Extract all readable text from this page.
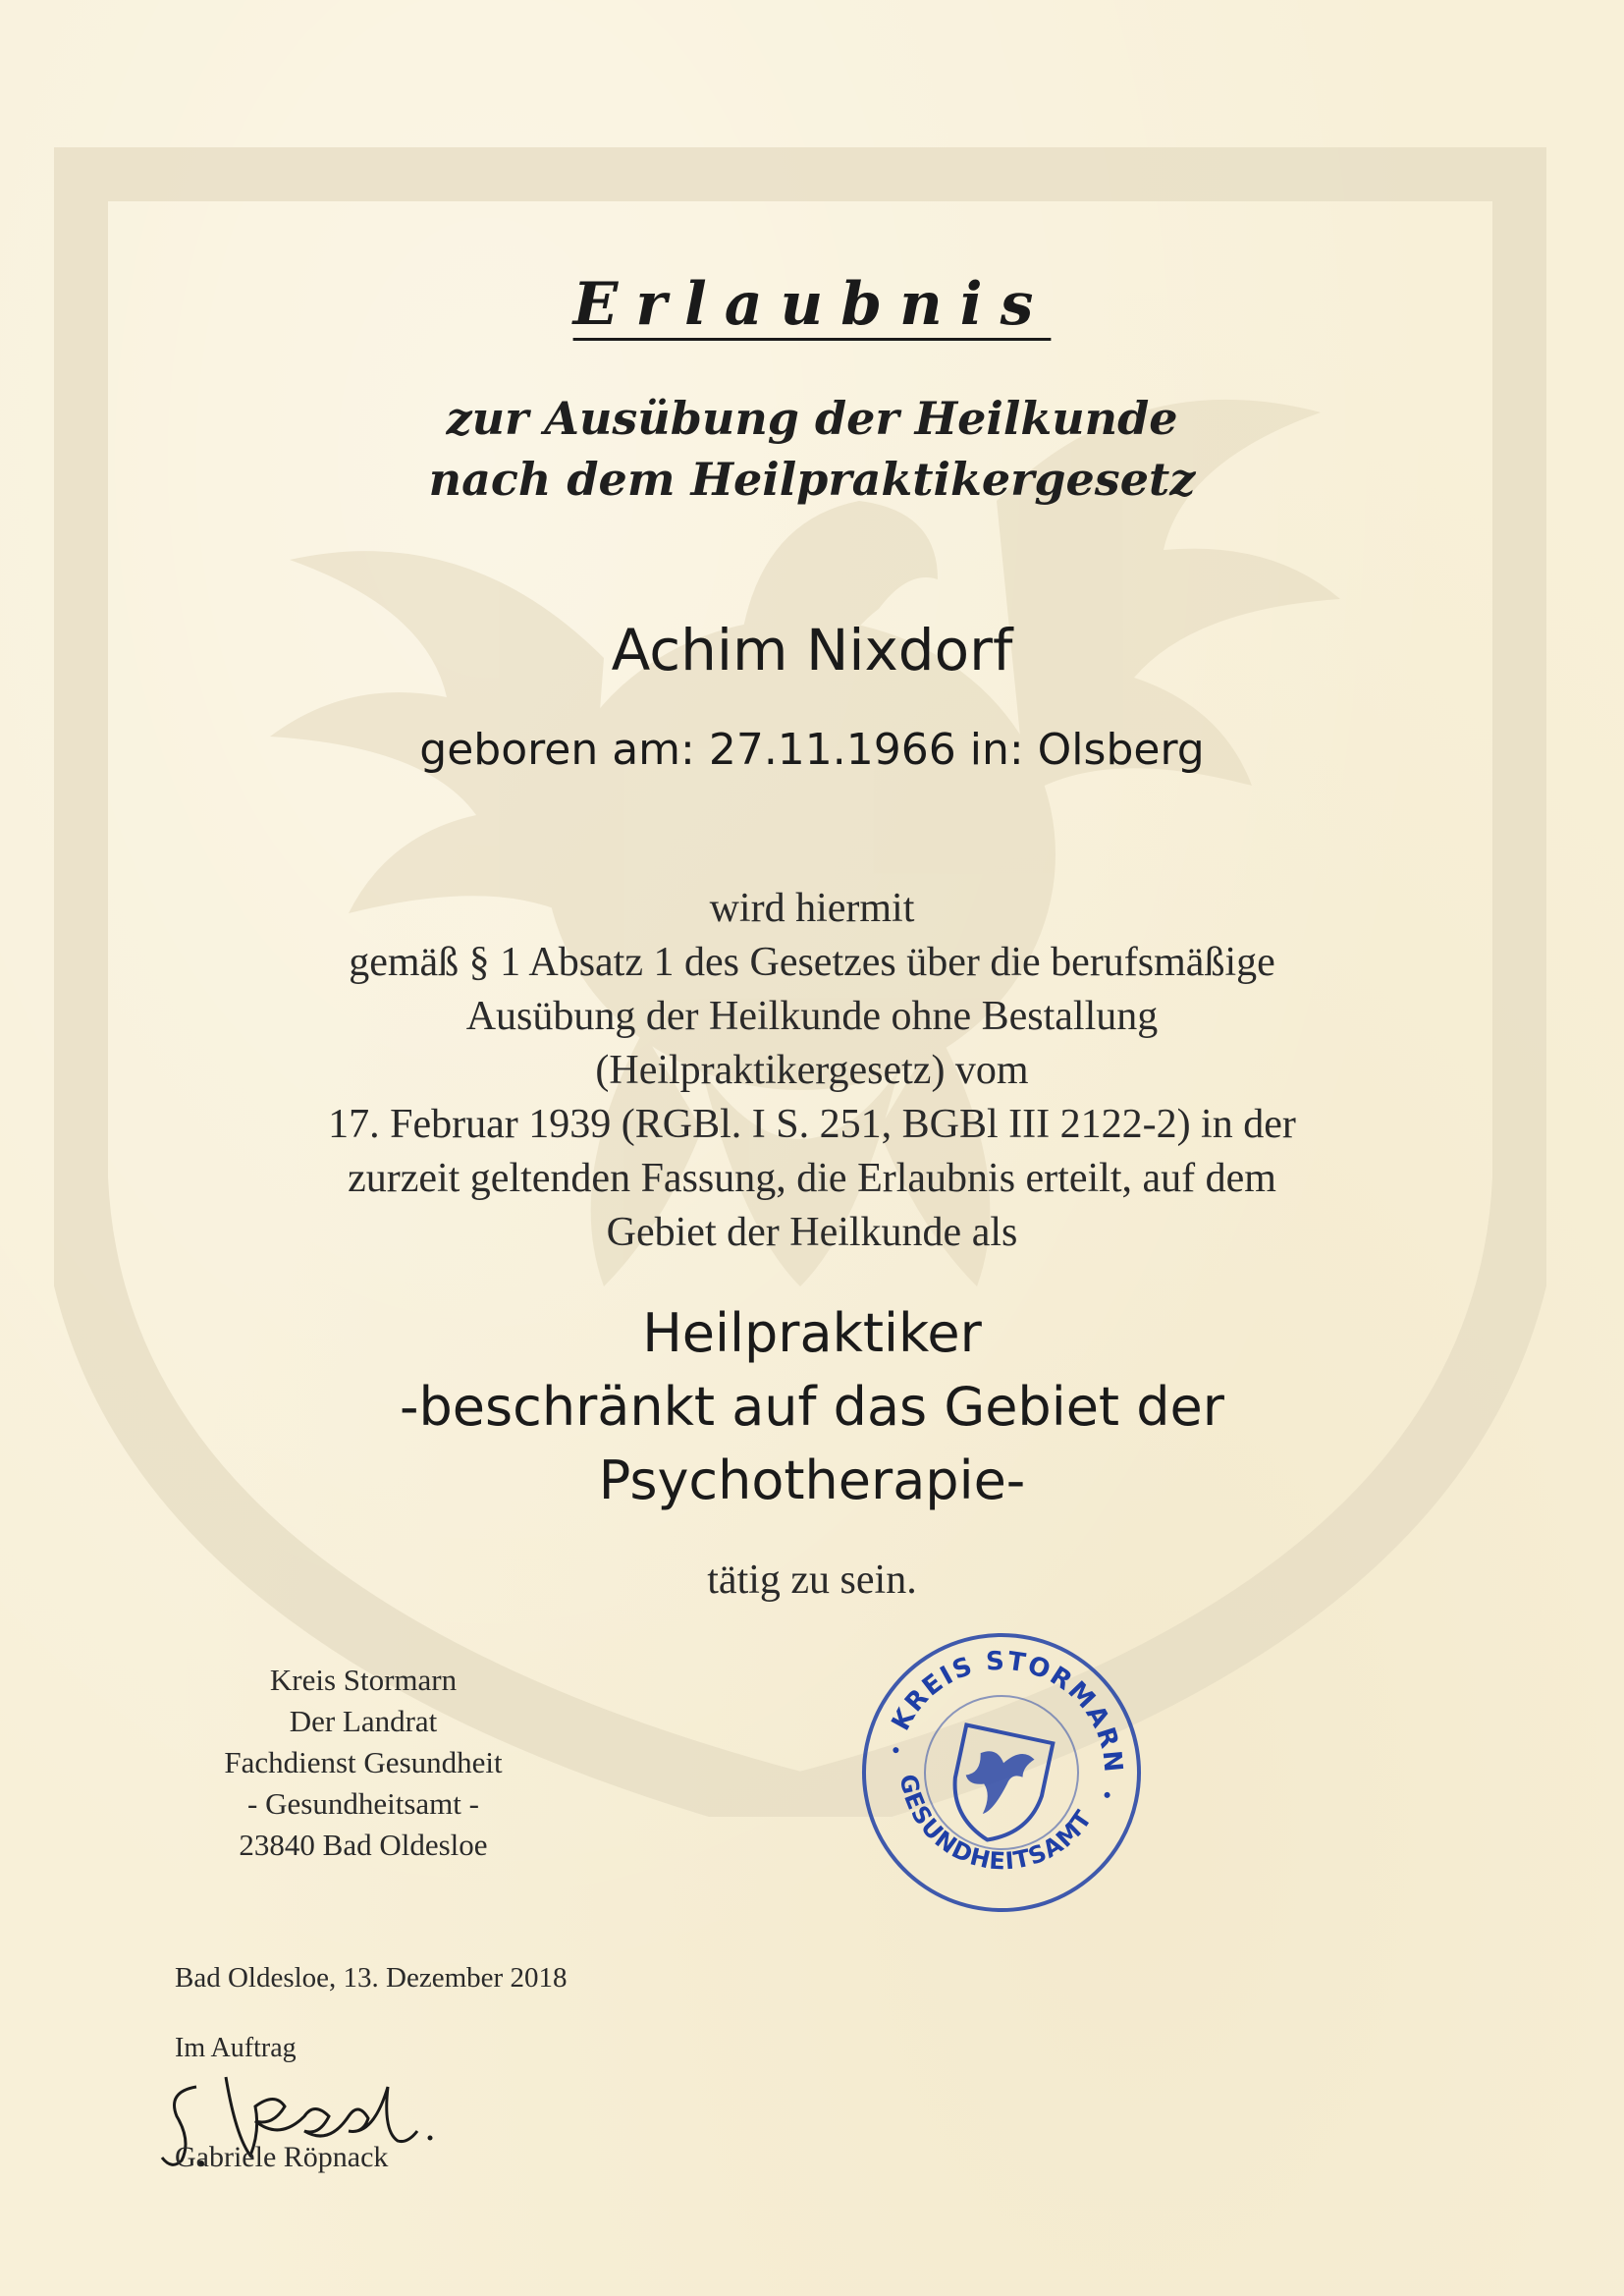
Erlaubnis
zur Ausübung der Heilkunde
nach dem Heilpraktikergesetz
Achim Nixdorf
geboren am: 27.11.1966 in: Olsberg
wird hiermit
gemäß § 1 Absatz 1 des Gesetzes über die berufsmäßige
Ausübung der Heilkunde ohne Bestallung
(Heilpraktikergesetz) vom
17. Februar 1939 (RGBl. I S. 251, BGBl III 2122-2) in der
zurzeit geltenden Fassung, die Erlaubnis erteilt, auf dem
Gebiet der Heilkunde als
Heilpraktiker
-beschränkt auf das Gebiet der
Psychotherapie-
tätig zu sein.
Kreis Stormarn
Der Landrat
Fachdienst Gesundheit
- Gesundheitsamt -
23840 Bad Oldesloe
KREIS STORMARN
GESUNDHEITSAMT
Bad Oldesloe, 13. Dezember 2018
Im Auftrag
Gabriele Röpnack
